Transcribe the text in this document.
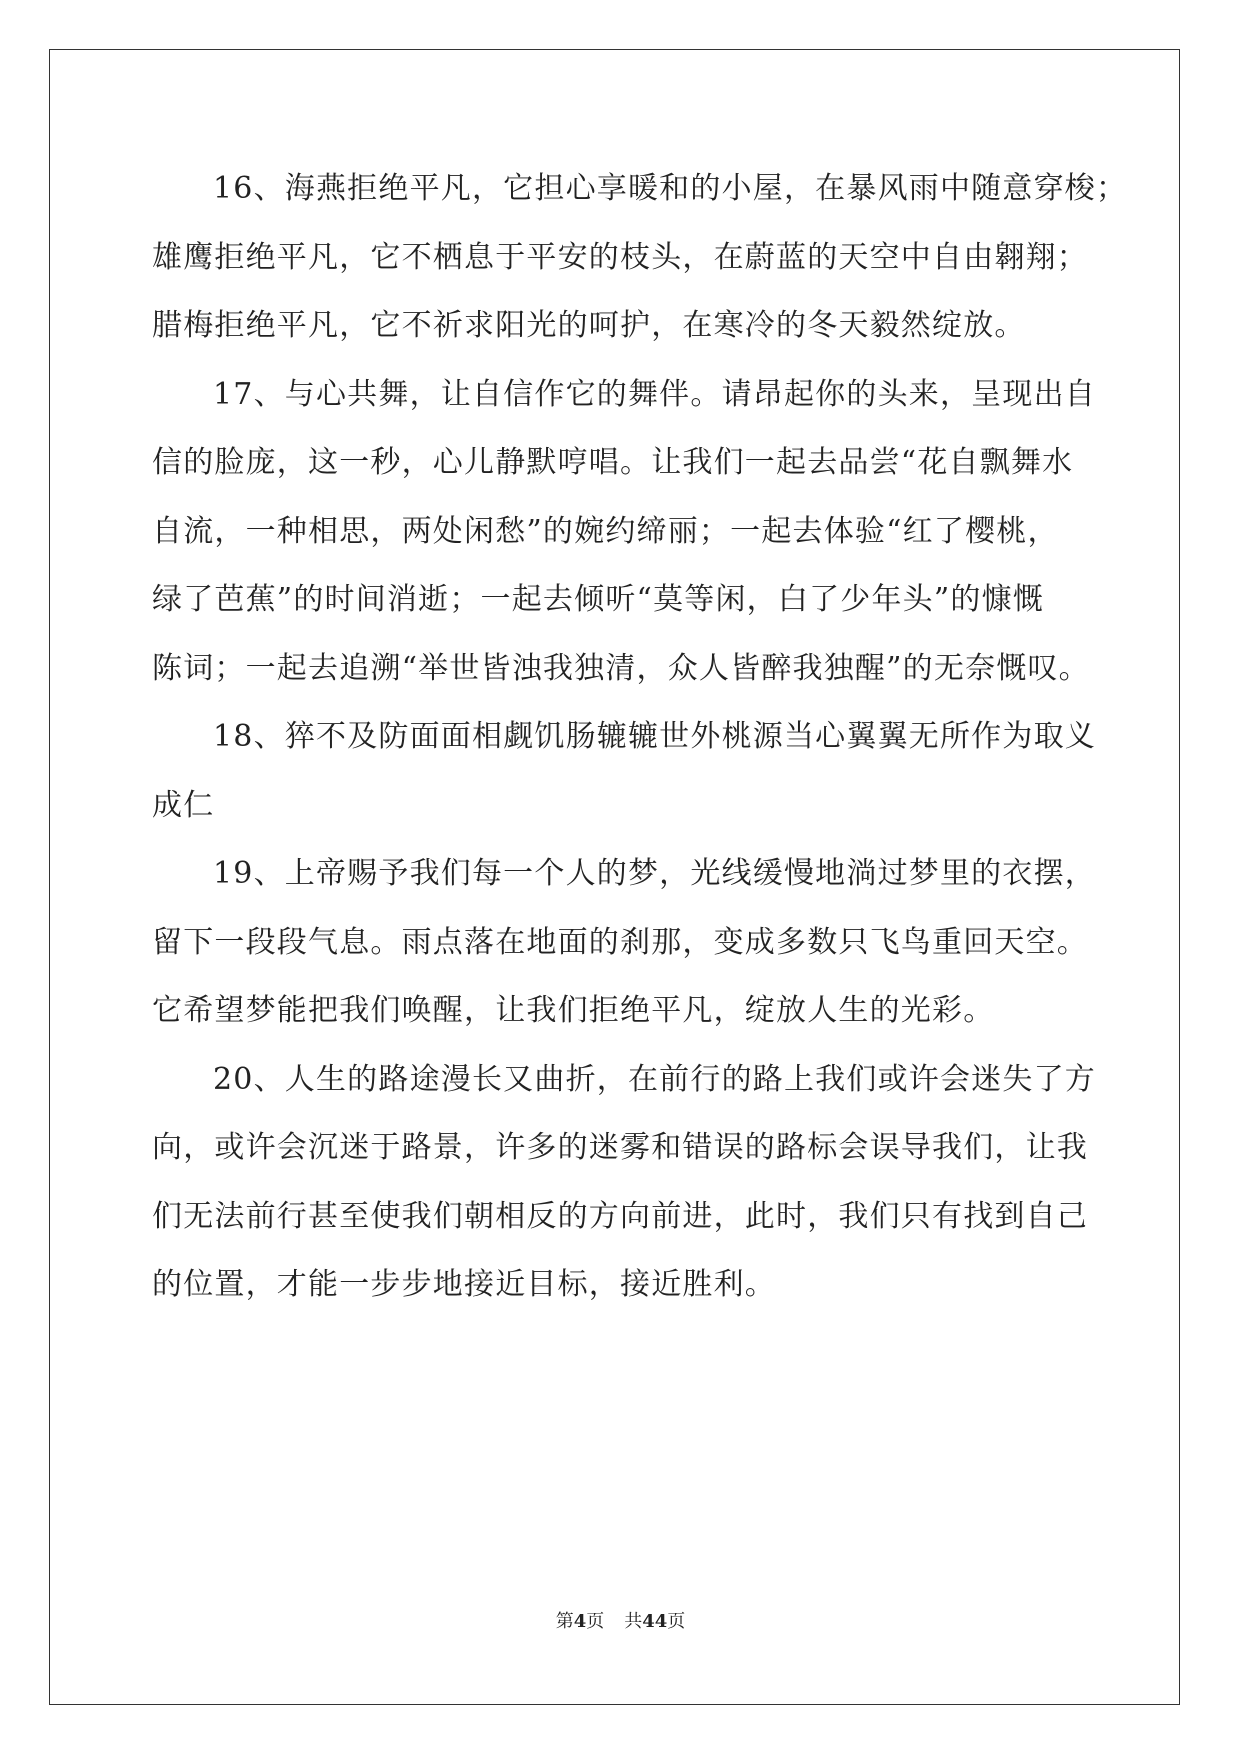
16、海燕拒绝平凡，它担心享暖和的小屋，在暴风雨中随意穿梭；
雄鹰拒绝平凡，它不栖息于平安的枝头，在蔚蓝的天空中自由翱翔；
腊梅拒绝平凡，它不祈求阳光的呵护，在寒冷的冬天毅然绽放。
17、与心共舞，让自信作它的舞伴。请昂起你的头来，呈现出自
信的脸庞，这一秒，心儿静默哼唱。让我们一起去品尝“花自飘舞水
自流，一种相思，两处闲愁”的婉约缔丽；一起去体验“红了樱桃，
绿了芭蕉”的时间消逝；一起去倾听“莫等闲，白了少年头”的慷慨
陈词；一起去追溯“举世皆浊我独清，众人皆醉我独醒”的无奈慨叹。
18、猝不及防面面相觑饥肠辘辘世外桃源当心翼翼无所作为取义
成仁
19、上帝赐予我们每一个人的梦，光线缓慢地淌过梦里的衣摆，
留下一段段气息。雨点落在地面的刹那，变成多数只飞鸟重回天空。
它希望梦能把我们唤醒，让我们拒绝平凡，绽放人生的光彩。
20、人生的路途漫长又曲折，在前行的路上我们或许会迷失了方
向，或许会沉迷于路景，许多的迷雾和错误的路标会误导我们，让我
们无法前行甚至使我们朝相反的方向前进，此时，我们只有找到自己
的位置，才能一步步地接近目标，接近胜利。
第4页 共44页
